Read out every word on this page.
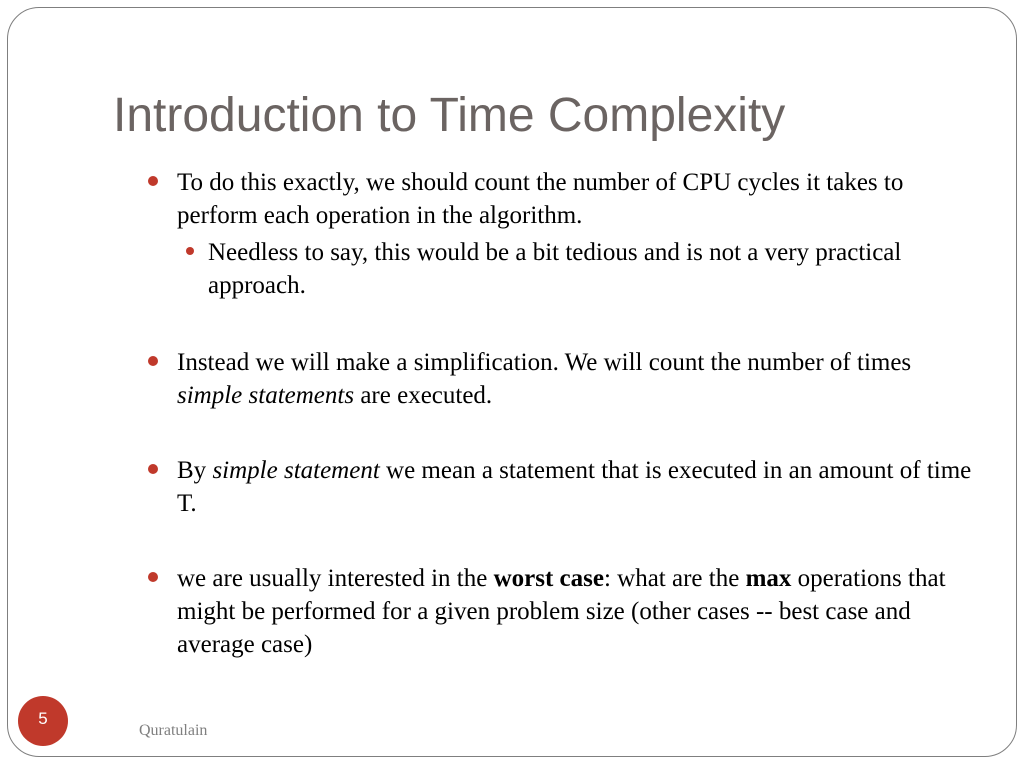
Introduction to Time Complexity
To do this exactly, we should count the number of CPU cycles it takes to perform each operation in the algorithm.
Needless to say, this would be a bit tedious and is not a very practical approach.
Instead we will make a simplification. We will count the number of times simple statements are executed.
By simple statement we mean a statement that is executed in an amount of time T.
we are usually interested in the worst case: what are the max operations that might be performed for a given problem size (other cases -- best case and average case)
5
Quratulain
